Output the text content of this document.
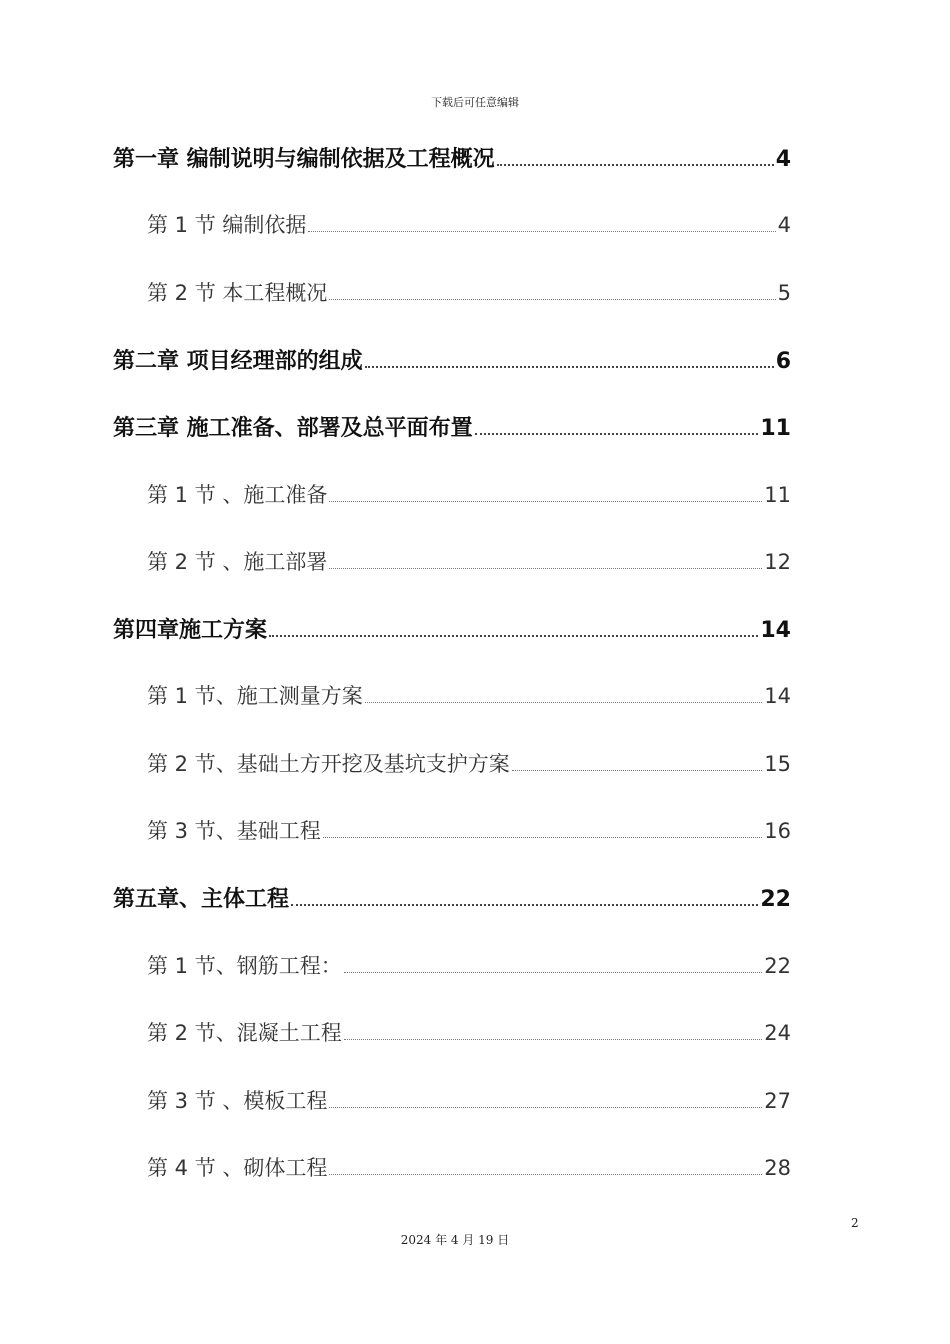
下载后可任意编辑
第一章 编制说明与编制依据及工程概况	4
第 1 节 编制依据	4
第 2 节 本工程概况	5
第二章 项目经理部的组成	6
第三章 施工准备、部署及总平面布置	11
第 1 节 、施工准备	11
第 2 节 、施工部署	12
第四章施工方案	14
第 1 节、施工测量方案	14
第 2 节、基础土方开挖及基坑支护方案	15
第 3 节、基础工程	16
第五章、主体工程	22
第 1 节、钢筋工程：	22
第 2 节、混凝土工程	24
第 3 节 、模板工程	27
第 4 节 、砌体工程	28
2
2024 年 4 月 19 日
